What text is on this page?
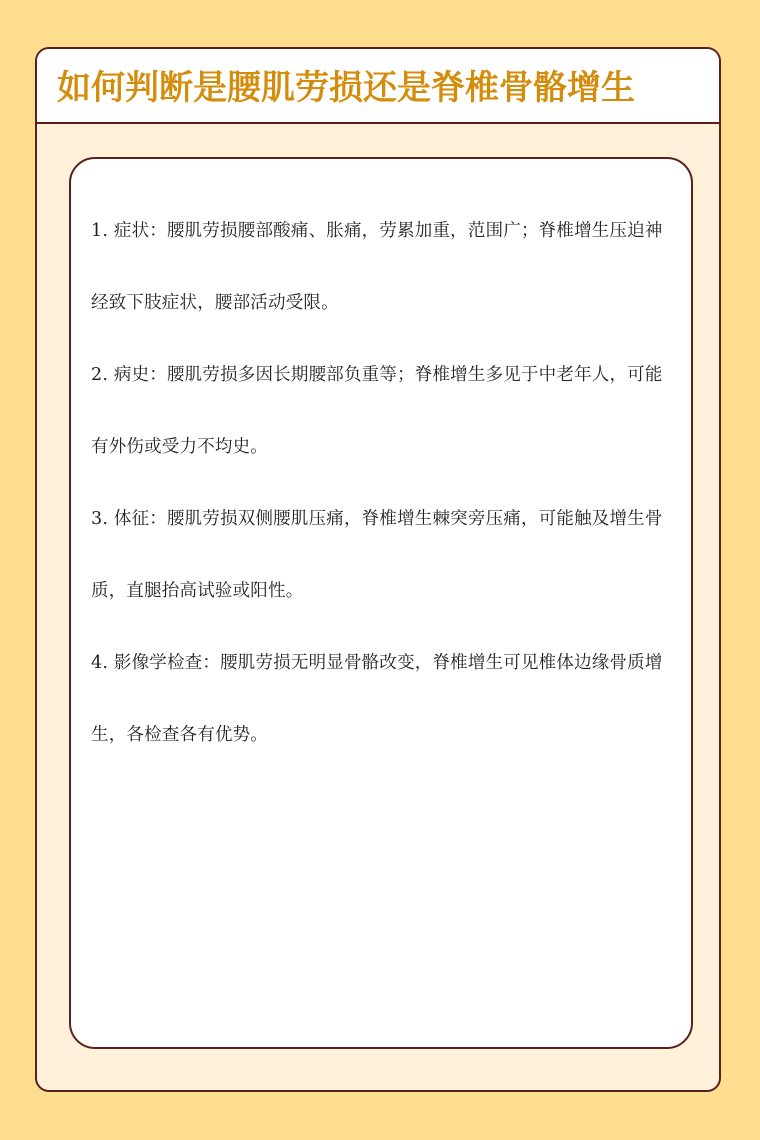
如何判断是腰肌劳损还是脊椎骨骼增生

1. 症状：腰肌劳损腰部酸痛、胀痛，劳累加重，范围广；脊椎增生压迫神经致下肢症状，腰部活动受限。

2. 病史：腰肌劳损多因长期腰部负重等；脊椎增生多见于中老年人，可能有外伤或受力不均史。

3. 体征：腰肌劳损双侧腰肌压痛，脊椎增生棘突旁压痛，可能触及增生骨质，直腿抬高试验或阳性。

4. 影像学检查：腰肌劳损无明显骨骼改变，脊椎增生可见椎体边缘骨质增生，各检查各有优势。
